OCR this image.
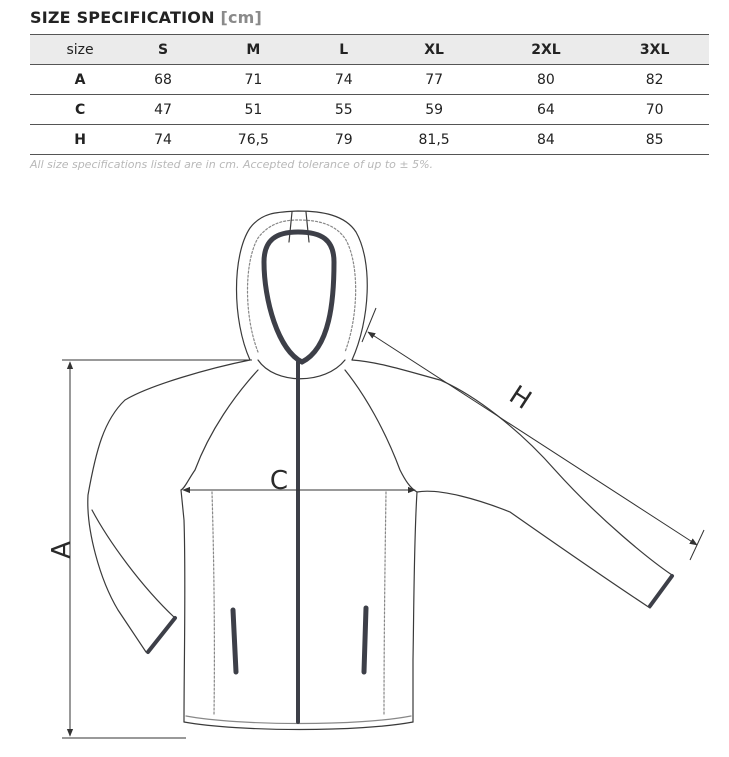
SIZE SPECIFICATION [cm]
size	S	M	L	XL	2XL	3XL
A	68	71	74	77	80	82
C	47	51	55	59	64	70
H	74	76,5	79	81,5	84	85
All size specifications listed are in cm. Accepted tolerance of up to ± 5%.
A
C
H
